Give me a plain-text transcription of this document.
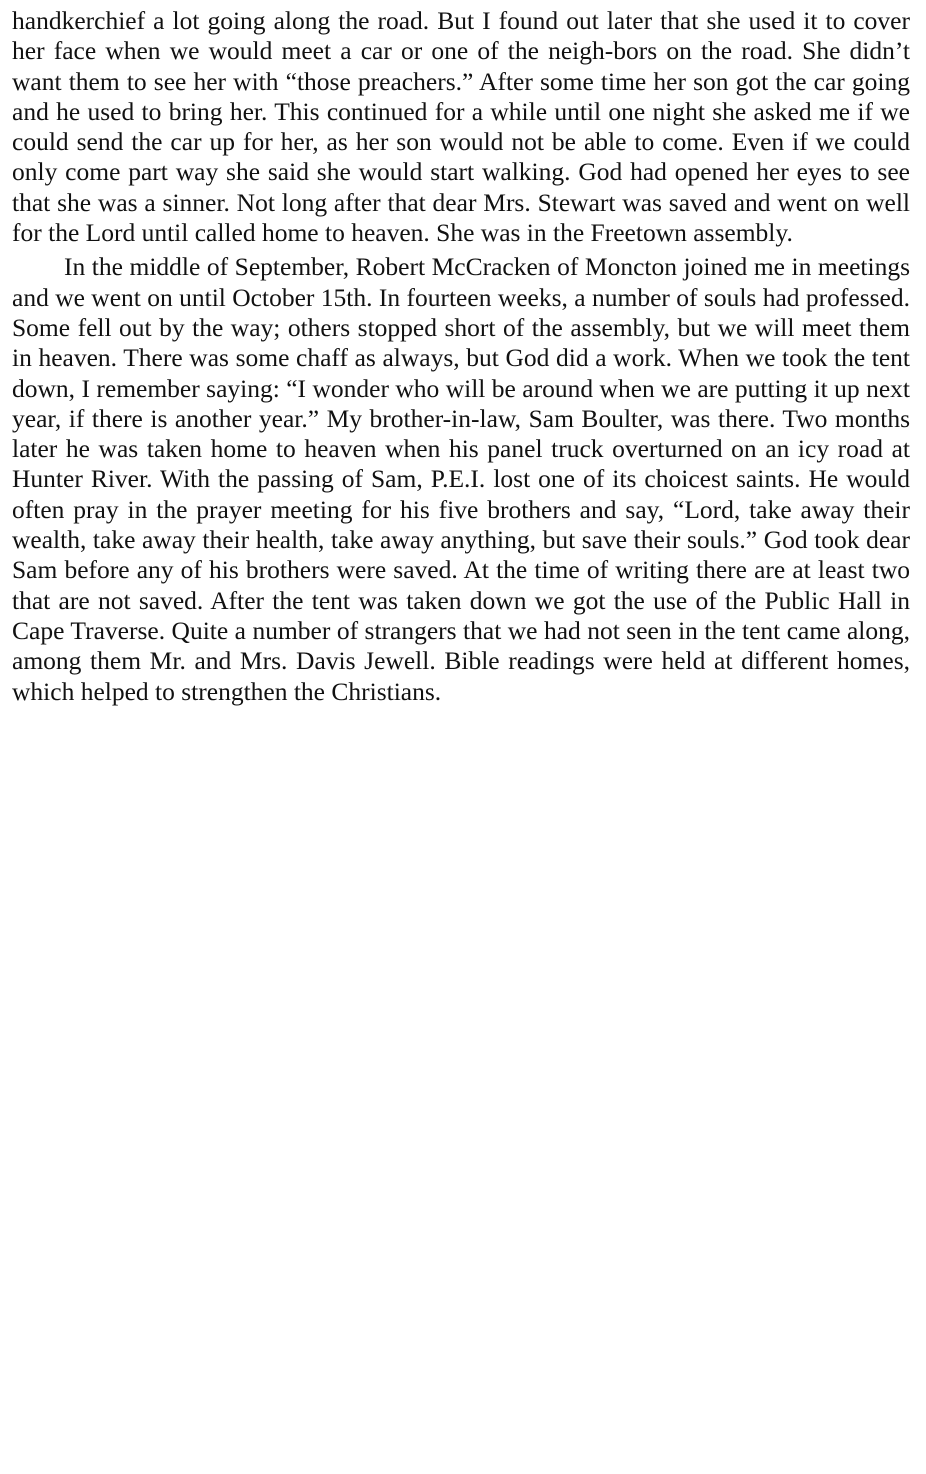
handkerchief a lot going along the road. But I found out later that she used it to cover her face when we would meet a car or one of the neigh-bors on the road. She didn’t want them to see her with “those preachers.” After some time her son got the car going and he used to bring her. This continued for a while until one night she asked me if we could send the car up for her, as her son would not be able to come. Even if we could only come part way she said she would start walking. God had opened her eyes to see that she was a sinner. Not long after that dear Mrs. Stewart was saved and went on well for the Lord until called home to heaven. She was in the Freetown assembly.

In the middle of September, Robert McCracken of Moncton joined me in meetings and we went on until October 15th. In fourteen weeks, a number of souls had professed. Some fell out by the way; others stopped short of the assembly, but we will meet them in heaven. There was some chaff as always, but God did a work. When we took the tent down, I remember saying: “I wonder who will be around when we are putting it up next year, if there is another year.” My brother-in-law, Sam Boulter, was there. Two months later he was taken home to heaven when his panel truck overturned on an icy road at Hunter River. With the passing of Sam, P.E.I. lost one of its choicest saints. He would often pray in the prayer meeting for his five brothers and say, “Lord, take away their wealth, take away their health, take away anything, but save their souls.” God took dear Sam before any of his brothers were saved. At the time of writing there are at least two that are not saved. After the tent was taken down we got the use of the Public Hall in Cape Traverse. Quite a number of strangers that we had not seen in the tent came along, among them Mr. and Mrs. Davis Jewell. Bible readings were held at different homes, which helped to strengthen the Christians.
